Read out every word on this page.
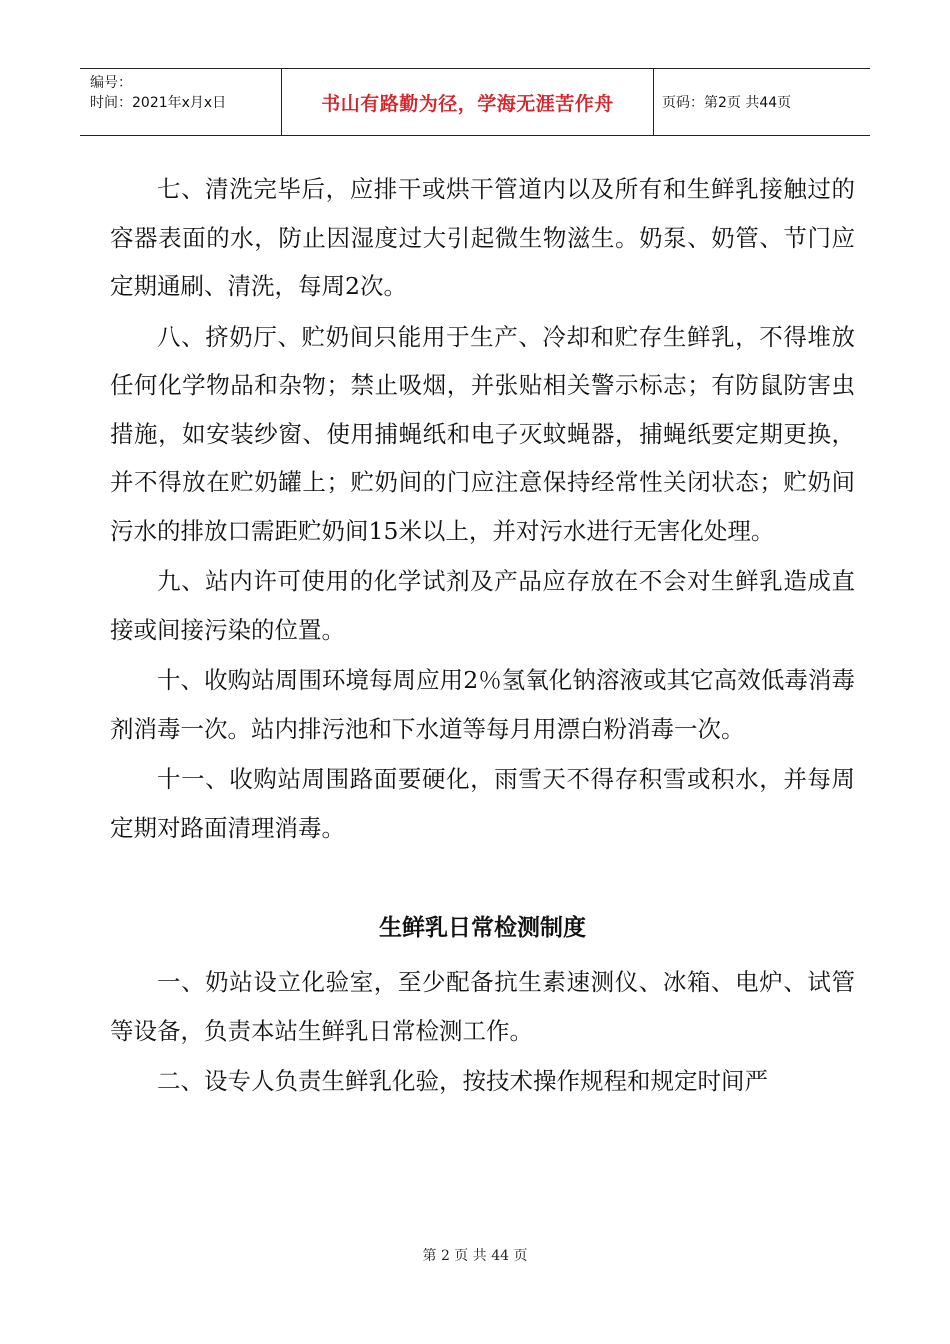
编号：
时间：2021年x月x日	书山有路勤为径，学海无涯苦作舟	页码：第2页 共44页

七、清洗完毕后，应排干或烘干管道内以及所有和生鲜乳接触过的容器表面的水，防止因湿度过大引起微生物滋生。奶泵、奶管、节门应定期通刷、清洗，每周2次。

八、挤奶厅、贮奶间只能用于生产、冷却和贮存生鲜乳，不得堆放任何化学物品和杂物；禁止吸烟，并张贴相关警示标志；有防鼠防害虫措施，如安装纱窗、使用捕蝇纸和电子灭蚊蝇器，捕蝇纸要定期更换，并不得放在贮奶罐上；贮奶间的门应注意保持经常性关闭状态；贮奶间污水的排放口需距贮奶间15米以上，并对污水进行无害化处理。

九、站内许可使用的化学试剂及产品应存放在不会对生鲜乳造成直接或间接污染的位置。

十、收购站周围环境每周应用2％氢氧化钠溶液或其它高效低毒消毒剂消毒一次。站内排污池和下水道等每月用漂白粉消毒一次。

十一、收购站周围路面要硬化，雨雪天不得存积雪或积水，并每周定期对路面清理消毒。

生鲜乳日常检测制度

一、奶站设立化验室，至少配备抗生素速测仪、冰箱、电炉、试管等设备，负责本站生鲜乳日常检测工作。

二、设专人负责生鲜乳化验，按技术操作规程和规定时间严

第 2 页 共 44 页
